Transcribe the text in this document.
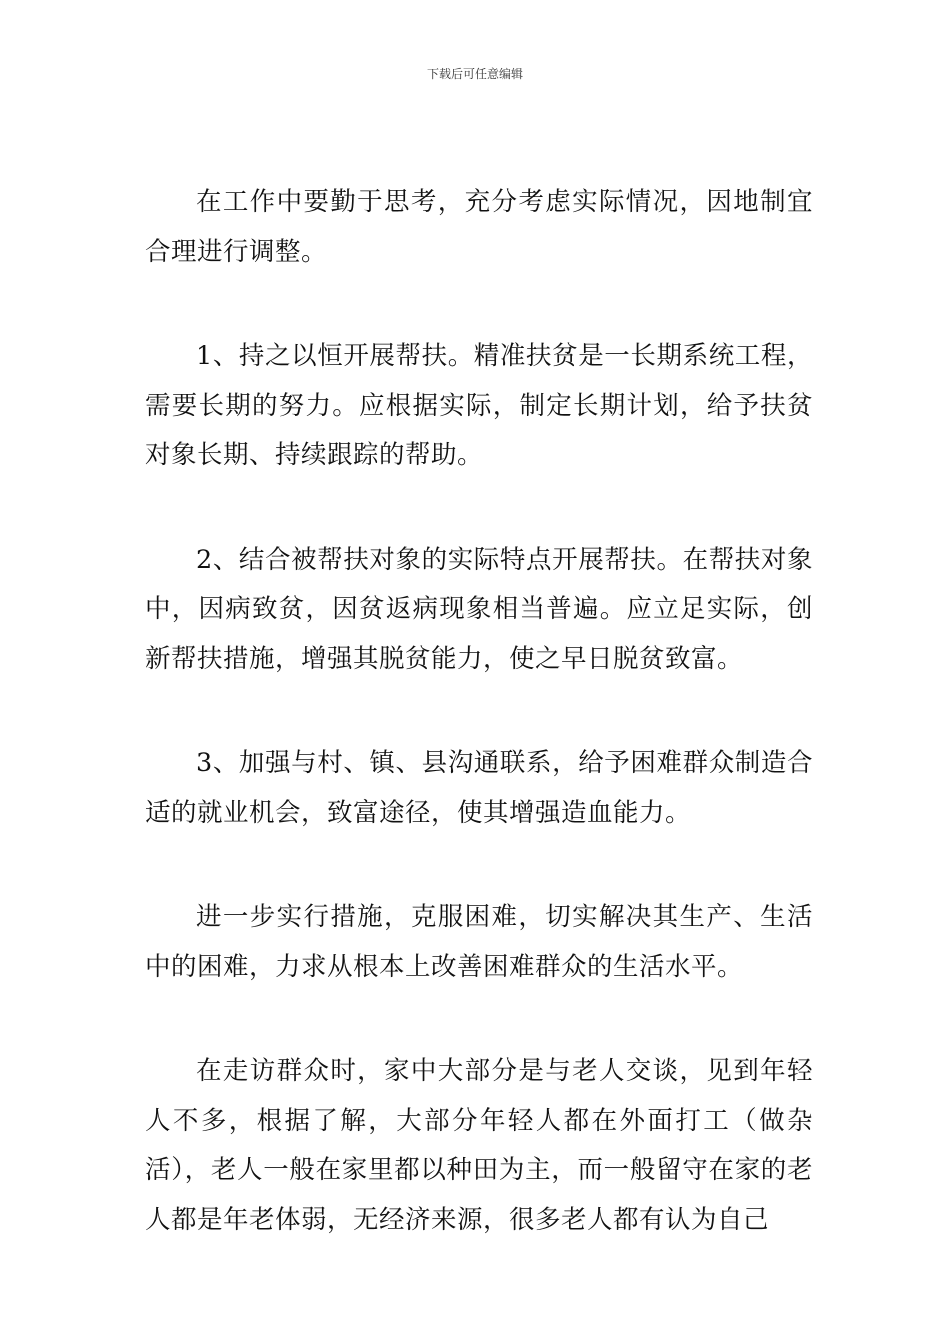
下载后可任意编辑

在工作中要勤于思考，充分考虑实际情况，因地制宜合理进行调整。

1、持之以恒开展帮扶。精准扶贫是一长期系统工程，需要长期的努力。应根据实际，制定长期计划，给予扶贫对象长期、持续跟踪的帮助。

2、结合被帮扶对象的实际特点开展帮扶。在帮扶对象中，因病致贫，因贫返病现象相当普遍。应立足实际，创新帮扶措施，增强其脱贫能力，使之早日脱贫致富。

3、加强与村、镇、县沟通联系，给予困难群众制造合适的就业机会，致富途径，使其增强造血能力。

进一步实行措施，克服困难，切实解决其生产、生活中的困难，力求从根本上改善困难群众的生活水平。

在走访群众时，家中大部分是与老人交谈，见到年轻人不多，根据了解，大部分年轻人都在外面打工（做杂活），老人一般在家里都以种田为主，而一般留守在家的老人都是年老体弱，无经济来源，很多老人都有认为自己
